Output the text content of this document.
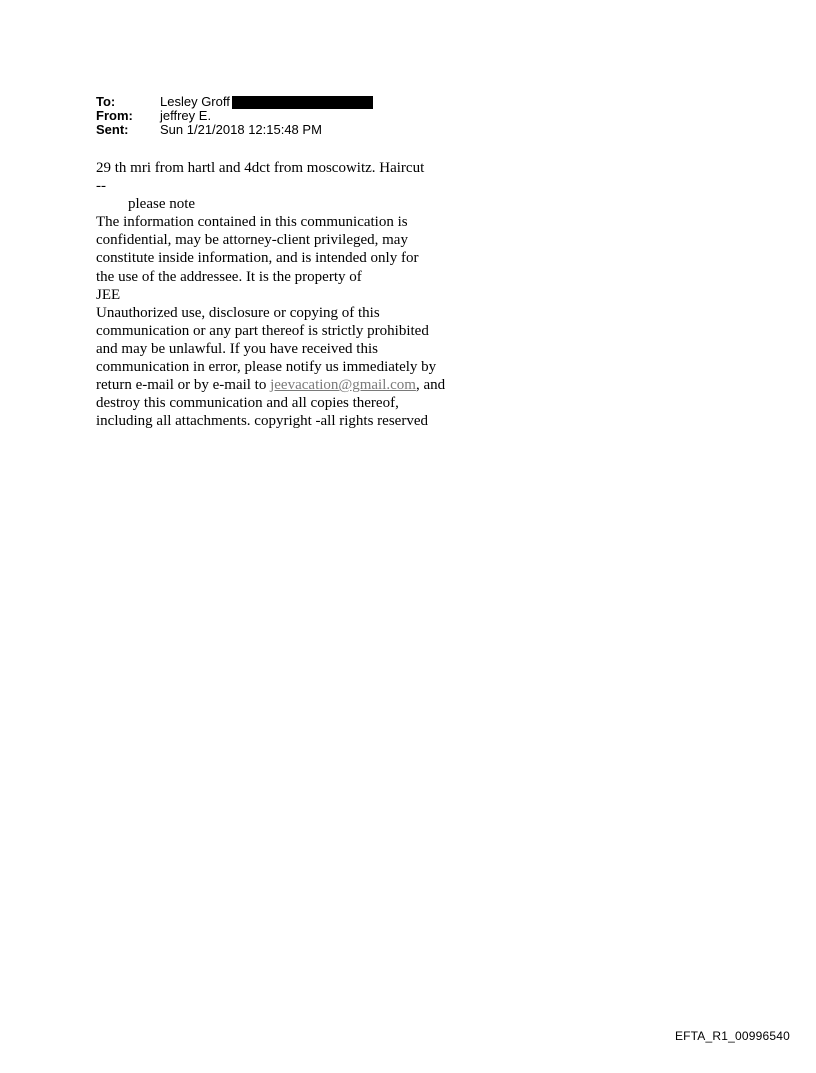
To:	Lesley Groff
From:	jeffrey E.
Sent:	Sun 1/21/2018 12:15:48 PM
29 th mri from hartl and 4dct from moscowitz. Haircut
--
please note
The information contained in this communication is
confidential, may be attorney-client privileged, may
constitute inside information, and is intended only for
the use of the addressee. It is the property of
JEE
Unauthorized use, disclosure or copying of this
communication or any part thereof is strictly prohibited
and may be unlawful. If you have received this
communication in error, please notify us immediately by
return e-mail or by e-mail to jeevacation@gmail.com, and
destroy this communication and all copies thereof,
including all attachments. copyright -all rights reserved
EFTA_R1_00996540
